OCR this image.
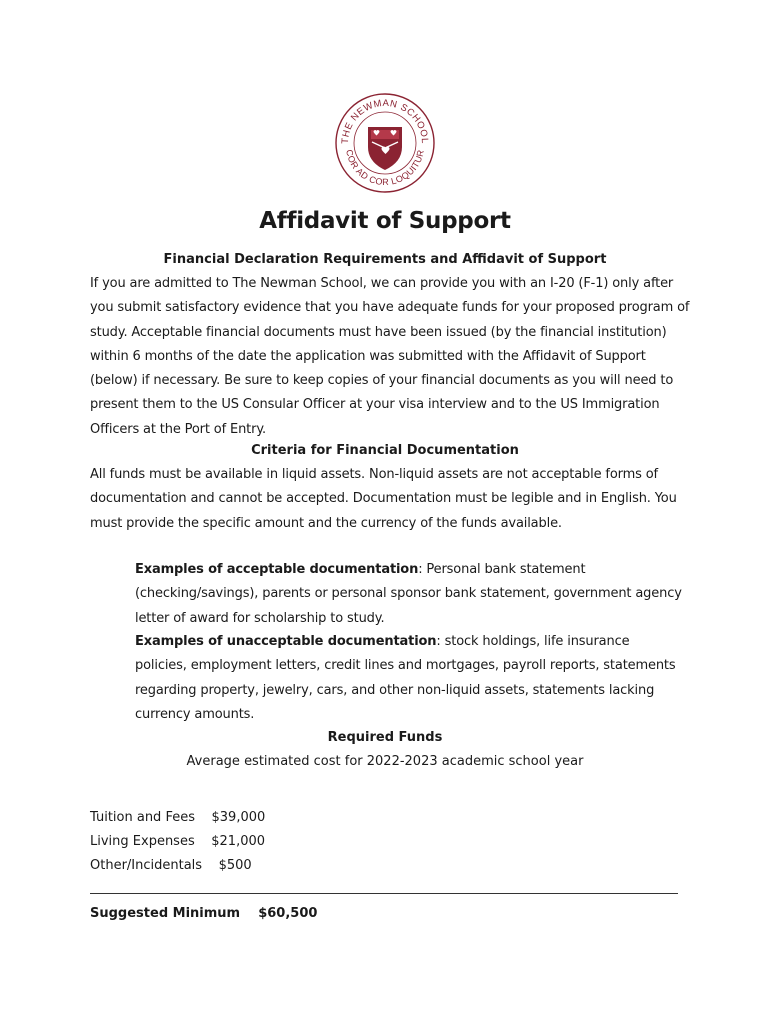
THE NEWMAN SCHOOL
COR AD COR LOQUITUR
Affidavit of Support
Financial Declaration Requirements and Affidavit of Support

If you are admitted to The Newman School, we can provide you with an I-20 (F-1) only after you submit satisfactory evidence that you have adequate funds for your proposed program of study. Acceptable financial documents must have been issued (by the financial institution) within 6 months of the date the application was submitted with the Affidavit of Support (below) if necessary. Be sure to keep copies of your financial documents as you will need to present them to the US Consular Officer at your visa interview and to the US Immigration Officers at the Port of Entry.

Criteria for Financial Documentation

All funds must be available in liquid assets. Non-liquid assets are not acceptable forms of documentation and cannot be accepted. Documentation must be legible and in English. You must provide the specific amount and the currency of the funds available.

Examples of acceptable documentation: Personal bank statement (checking/savings), parents or personal sponsor bank statement, government agency letter of award for scholarship to study.

Examples of unacceptable documentation: stock holdings, life insurance policies, employment letters, credit lines and mortgages, payroll reports, statements regarding property, jewelry, cars, and other non-liquid assets, statements lacking currency amounts.

Required Funds
Average estimated cost for 2022-2023 academic school year
Tuition and Fees $39,000
Living Expenses $21,000
Other/Incidentals $500
Suggested Minimum $60,500
